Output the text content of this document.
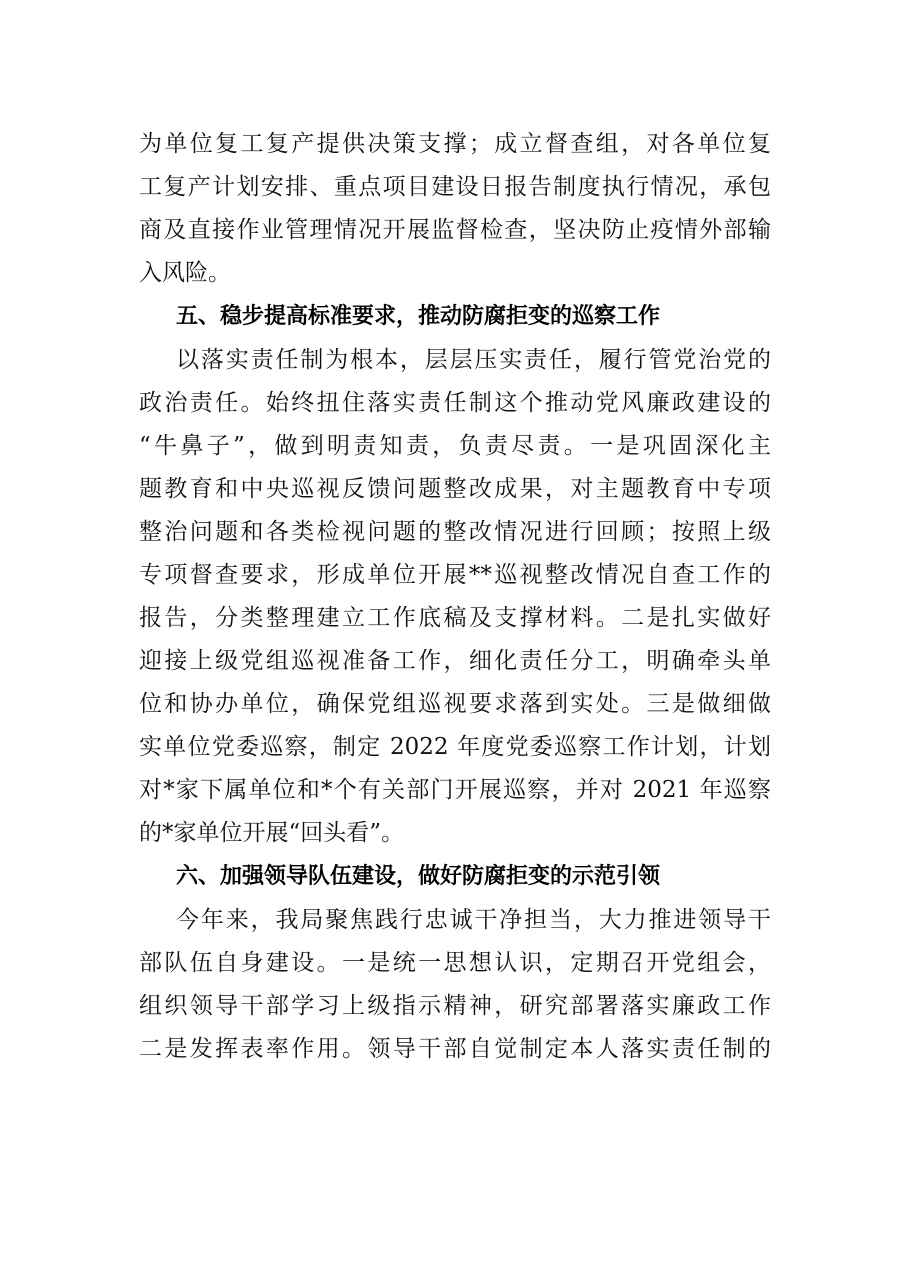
为单位复工复产提供决策支撑；成立督查组，对各单位复
工复产计划安排、重点项目建设日报告制度执行情况，承包
商及直接作业管理情况开展监督检查，坚决防止疫情外部输
入风险。
五、稳步提高标准要求，推动防腐拒变的巡察工作
以落实责任制为根本，层层压实责任，履行管党治党的
政治责任。始终扭住落实责任制这个推动党风廉政建设的
“牛鼻子”，做到明责知责，负责尽责。一是巩固深化主
题教育和中央巡视反馈问题整改成果，对主题教育中专项
整治问题和各类检视问题的整改情况进行回顾；按照上级
专项督查要求，形成单位开展**巡视整改情况自查工作的
报告，分类整理建立工作底稿及支撑材料。二是扎实做好
迎接上级党组巡视准备工作，细化责任分工，明确牵头单
位和协办单位，确保党组巡视要求落到实处。三是做细做
实单位党委巡察，制定 2022 年度党委巡察工作计划，计划
对*家下属单位和*个有关部门开展巡察，并对 2021 年巡察
的*家单位开展“回头看”。
六、加强领导队伍建设，做好防腐拒变的示范引领
今年来，我局聚焦践行忠诚干净担当，大力推进领导干
部队伍自身建设。一是统一思想认识，定期召开党组会，
组织领导干部学习上级指示精神，研究部署落实廉政工作
二是发挥表率作用。领导干部自觉制定本人落实责任制的
